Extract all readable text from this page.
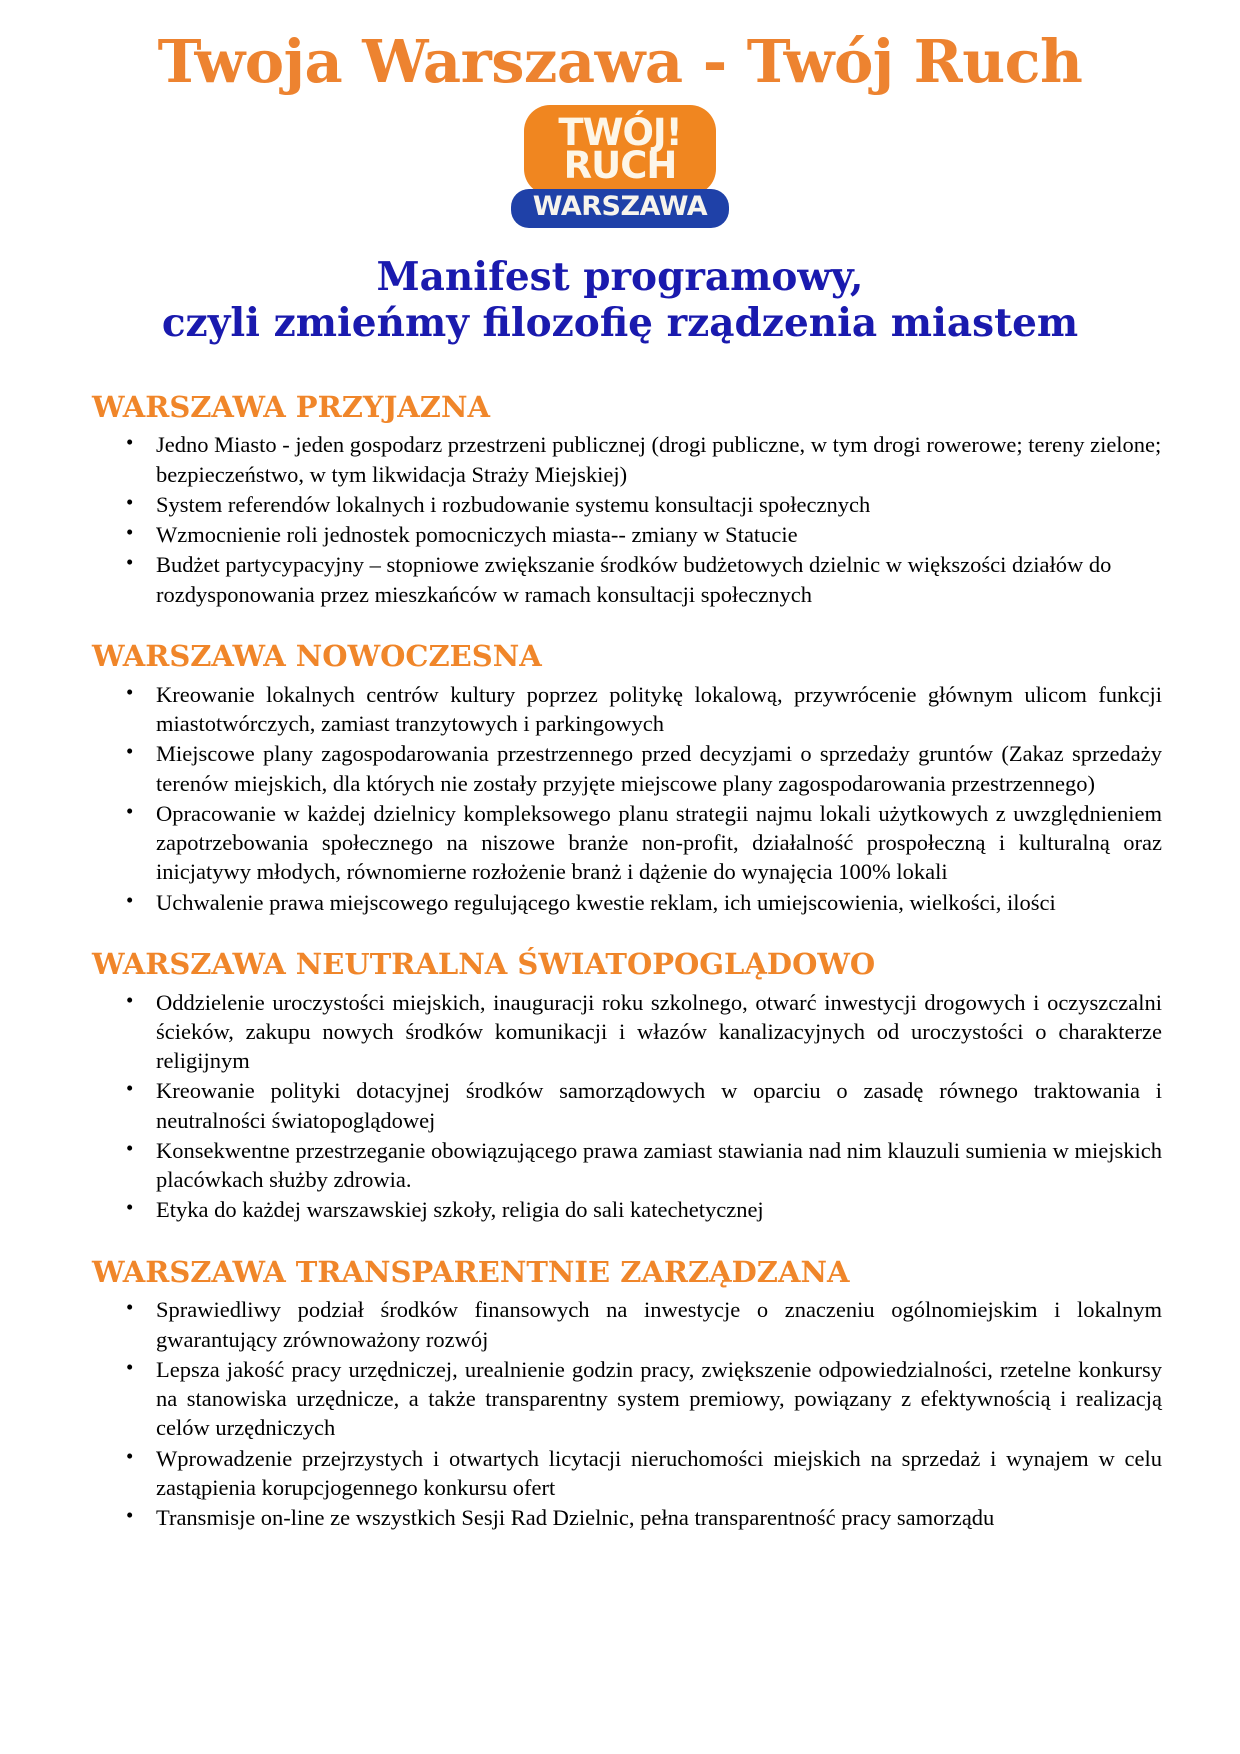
Twoja Warszawa - Twój Ruch
TWÓJ!
RUCH
WARSZAWA
Manifest programowy,
czyli zmieńmy filozofię rządzenia miastem
WARSZAWA PRZYJAZNA
• Jedno Miasto - jeden gospodarz przestrzeni publicznej (drogi publiczne, w tym drogi rowerowe; tereny zielone; bezpieczeństwo, w tym likwidacja Straży Miejskiej)
• System referendów lokalnych i rozbudowanie systemu konsultacji społecznych
• Wzmocnienie roli jednostek pomocniczych miasta-- zmiany w Statucie
• Budżet partycypacyjny – stopniowe zwiększanie środków budżetowych dzielnic w większości działów do rozdysponowania przez mieszkańców w ramach konsultacji społecznych
WARSZAWA NOWOCZESNA
• Kreowanie lokalnych centrów kultury poprzez politykę lokalową, przywrócenie głównym ulicom funkcji miastotwórczych, zamiast tranzytowych i parkingowych
• Miejscowe plany zagospodarowania przestrzennego przed decyzjami o sprzedaży gruntów (Zakaz sprzedaży terenów miejskich, dla których nie zostały przyjęte miejscowe plany zagospodarowania przestrzennego)
• Opracowanie w każdej dzielnicy kompleksowego planu strategii najmu lokali użytkowych z uwzględnieniem zapotrzebowania społecznego na niszowe branże non-profit, działalność prospołeczną i kulturalną oraz inicjatywy młodych, równomierne rozłożenie branż i dążenie do wynajęcia 100% lokali
• Uchwalenie prawa miejscowego regulującego kwestie reklam, ich umiejscowienia, wielkości, ilości
WARSZAWA NEUTRALNA ŚWIATOPOGLĄDOWO
• Oddzielenie uroczystości miejskich, inauguracji roku szkolnego, otwarć inwestycji drogowych i oczyszczalni ścieków, zakupu nowych środków komunikacji i włazów kanalizacyjnych od uroczystości o charakterze religijnym
• Kreowanie polityki dotacyjnej środków samorządowych w oparciu o zasadę równego traktowania i neutralności światopoglądowej
• Konsekwentne przestrzeganie obowiązującego prawa zamiast stawiania nad nim klauzuli sumienia w miejskich placówkach służby zdrowia.
• Etyka do każdej warszawskiej szkoły, religia do sali katechetycznej
WARSZAWA TRANSPARENTNIE ZARZĄDZANA
• Sprawiedliwy podział środków finansowych na inwestycje o znaczeniu ogólnomiejskim i lokalnym gwarantujący zrównoważony rozwój
• Lepsza jakość pracy urzędniczej, urealnienie godzin pracy, zwiększenie odpowiedzialności, rzetelne konkursy na stanowiska urzędnicze, a także transparentny system premiowy, powiązany z efektywnością i realizacją celów urzędniczych
• Wprowadzenie przejrzystych i otwartych licytacji nieruchomości miejskich na sprzedaż i wynajem w celu zastąpienia korupcjogennego konkursu ofert
• Transmisje on-line ze wszystkich Sesji Rad Dzielnic, pełna transparentność pracy samorządu
